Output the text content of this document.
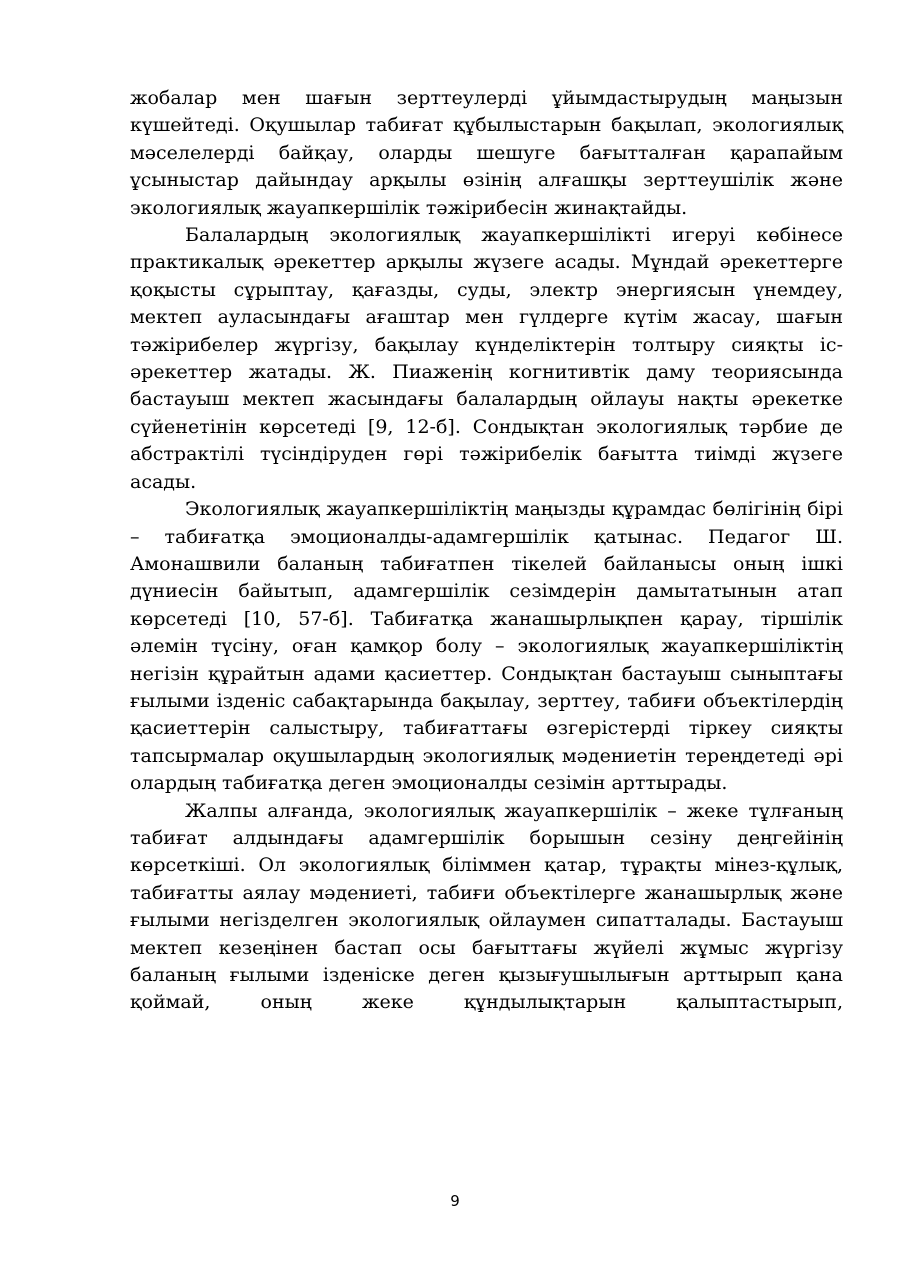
жобалар мен шағын зерттеулерді ұйымдастырудың маңызын күшейтеді. Оқушылар табиғат құбылыстарын бақылап, экологиялық мәселелерді байқау, оларды шешуге бағытталған қарапайым ұсыныстар дайындау арқылы өзінің алғашқы зерттеушілік және экологиялық жауапкершілік тәжірибесін жинақтайды.

Балалардың экологиялық жауапкершілікті игеруі көбінесе практикалық әрекеттер арқылы жүзеге асады. Мұндай әрекеттерге қоқысты сұрыптау, қағазды, суды, электр энергиясын үнемдеу, мектеп ауласындағы ағаштар мен гүлдерге күтім жасау, шағын тәжірибелер жүргізу, бақылау күнделіктерін толтыру сияқты іс-әрекеттер жатады. Ж. Пиаженің когнитивтік даму теориясында бастауыш мектеп жасындағы балалардың ойлауы нақты әрекетке сүйенетінін көрсетеді [9, 12-б]. Сондықтан экологиялық тәрбие де абстрактілі түсіндіруден гөрі тәжірибелік бағытта тиімді жүзеге асады.

Экологиялық жауапкершіліктің маңызды құрамдас бөлігінің бірі – табиғатқа эмоционалды-адамгершілік қатынас. Педагог Ш. Амонашвили баланың табиғатпен тікелей байланысы оның ішкі дүниесін байытып, адамгершілік сезімдерін дамытатынын атап көрсетеді [10, 57-б]. Табиғатқа жанашырлықпен қарау, тіршілік әлемін түсіну, оған қамқор болу – экологиялық жауапкершіліктің негізін құрайтын адами қасиеттер. Сондықтан бастауыш сыныптағы ғылыми ізденіс сабақтарында бақылау, зерттеу, табиғи объектілердің қасиеттерін салыстыру, табиғаттағы өзгерістерді тіркеу сияқты тапсырмалар оқушылардың экологиялық мәдениетін тереңдетеді әрі олардың табиғатқа деген эмоционалды сезімін арттырады.

Жалпы алғанда, экологиялық жауапкершілік – жеке тұлғаның табиғат алдындағы адамгершілік борышын сезіну деңгейінің көрсеткіші. Ол экологиялық біліммен қатар, тұрақты мінез-құлық, табиғатты аялау мәдениеті, табиғи объектілерге жанашырлық және ғылыми негізделген экологиялық ойлаумен сипатталады. Бастауыш мектеп кезеңінен бастап осы бағыттағы жүйелі жұмыс жүргізу баланың ғылыми ізденіске деген қызығушылығын арттырып қана қоймай, оның жеке құндылықтарын қалыптастырып,

9
